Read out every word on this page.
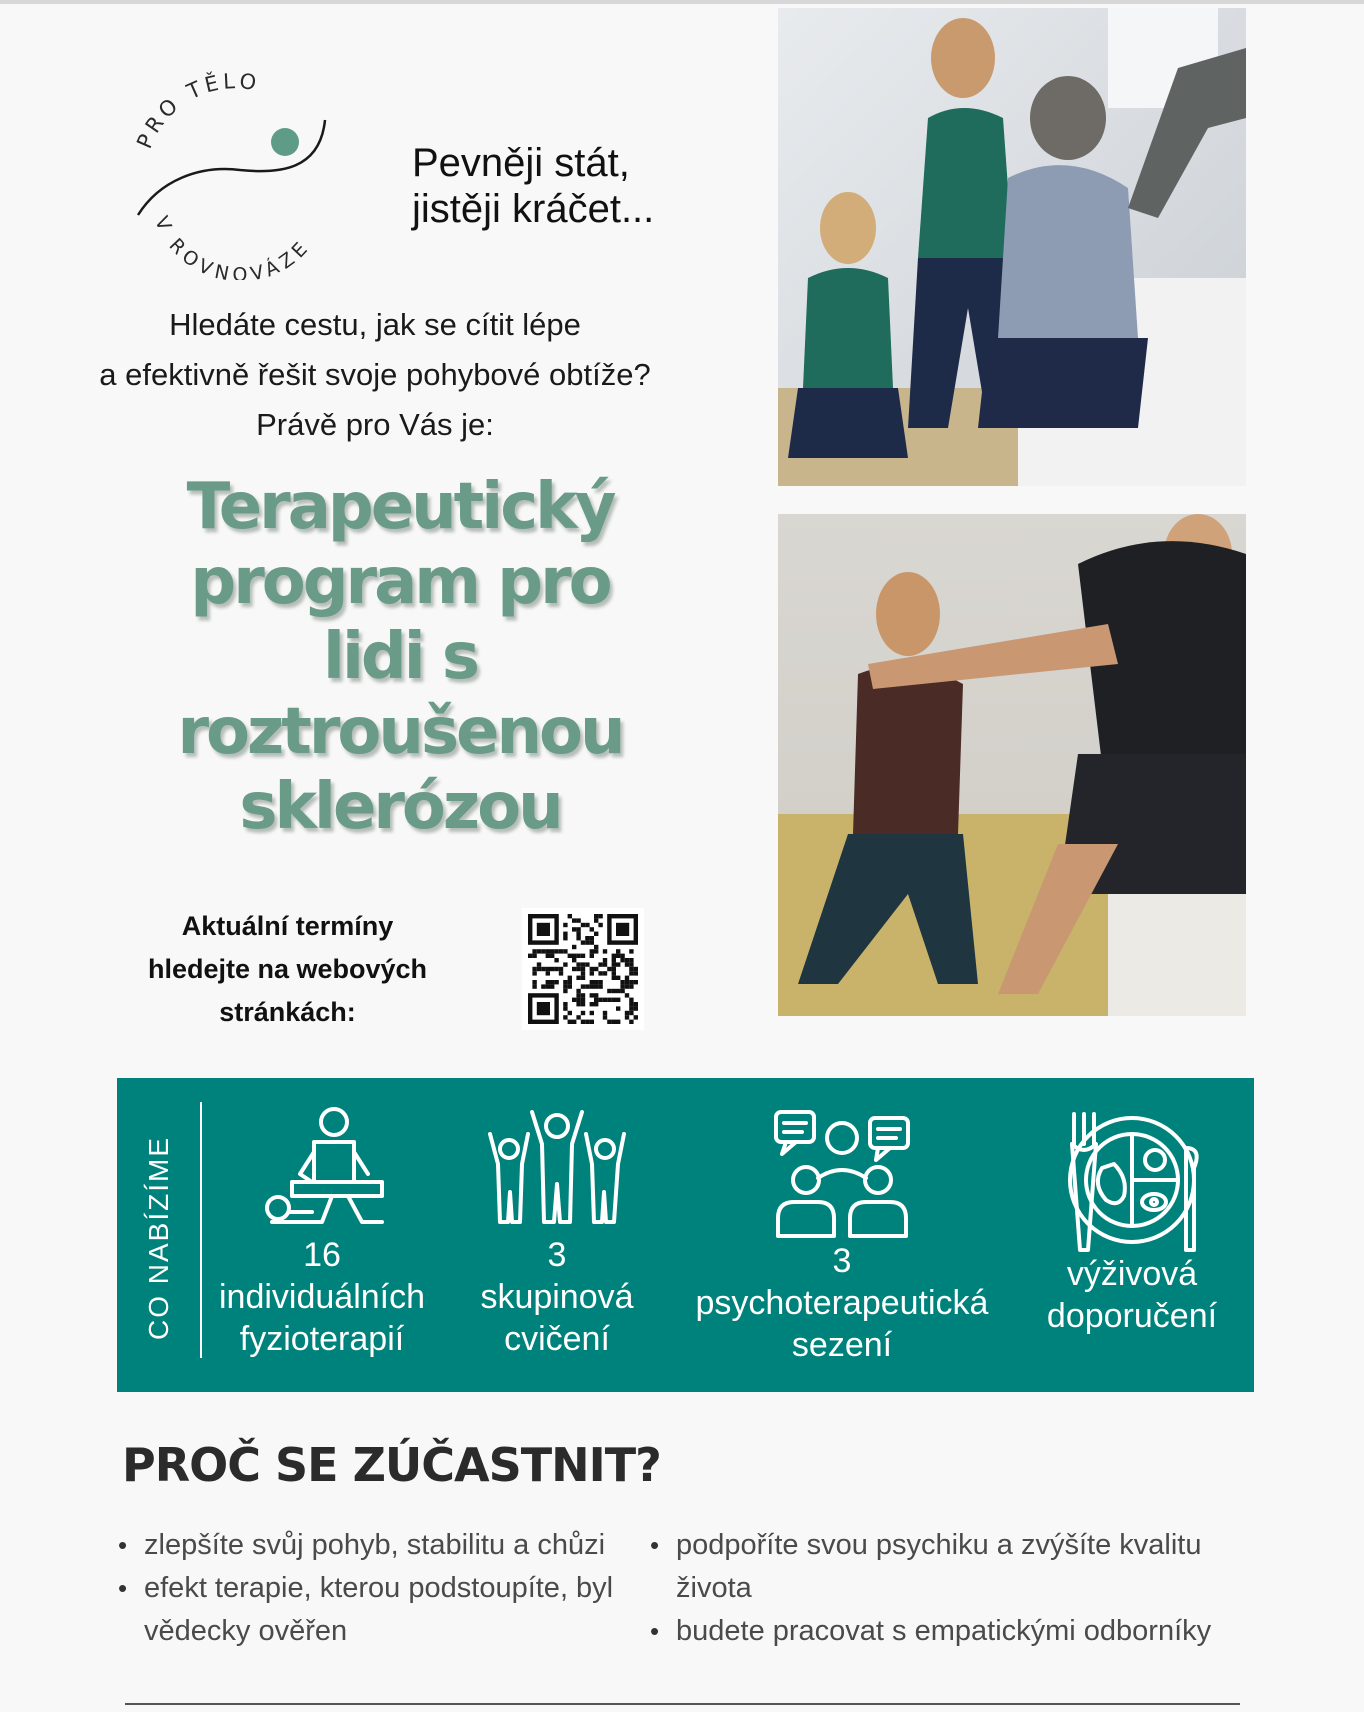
PRO TĚLO
V ROVNOVÁZE
Pevněji stát,
jistěji kráčet...
Hledáte cestu, jak se cítit lépe
a efektivně řešit svoje pohybové obtíže?
Právě pro Vás je:
Terapeutický
program pro
lidi s
roztroušenou
sklerózou
Aktuální termíny
hledejte na webových
stránkách:
CO NABÍZÍME	16
individuálních
fyzioterapií
3
skupinová
cvičení
3
psychoterapeutická
sezení
výživová
doporučení
PROČ SE ZÚČASTNIT?
• zlepšíte svůj pohyb, stabilitu a chůzi
• efekt terapie, kterou podstoupíte, byl vědecky ověřen
• podpoříte svou psychiku a zvýšíte kvalitu života
• budete pracovat s empatickými odborníky
